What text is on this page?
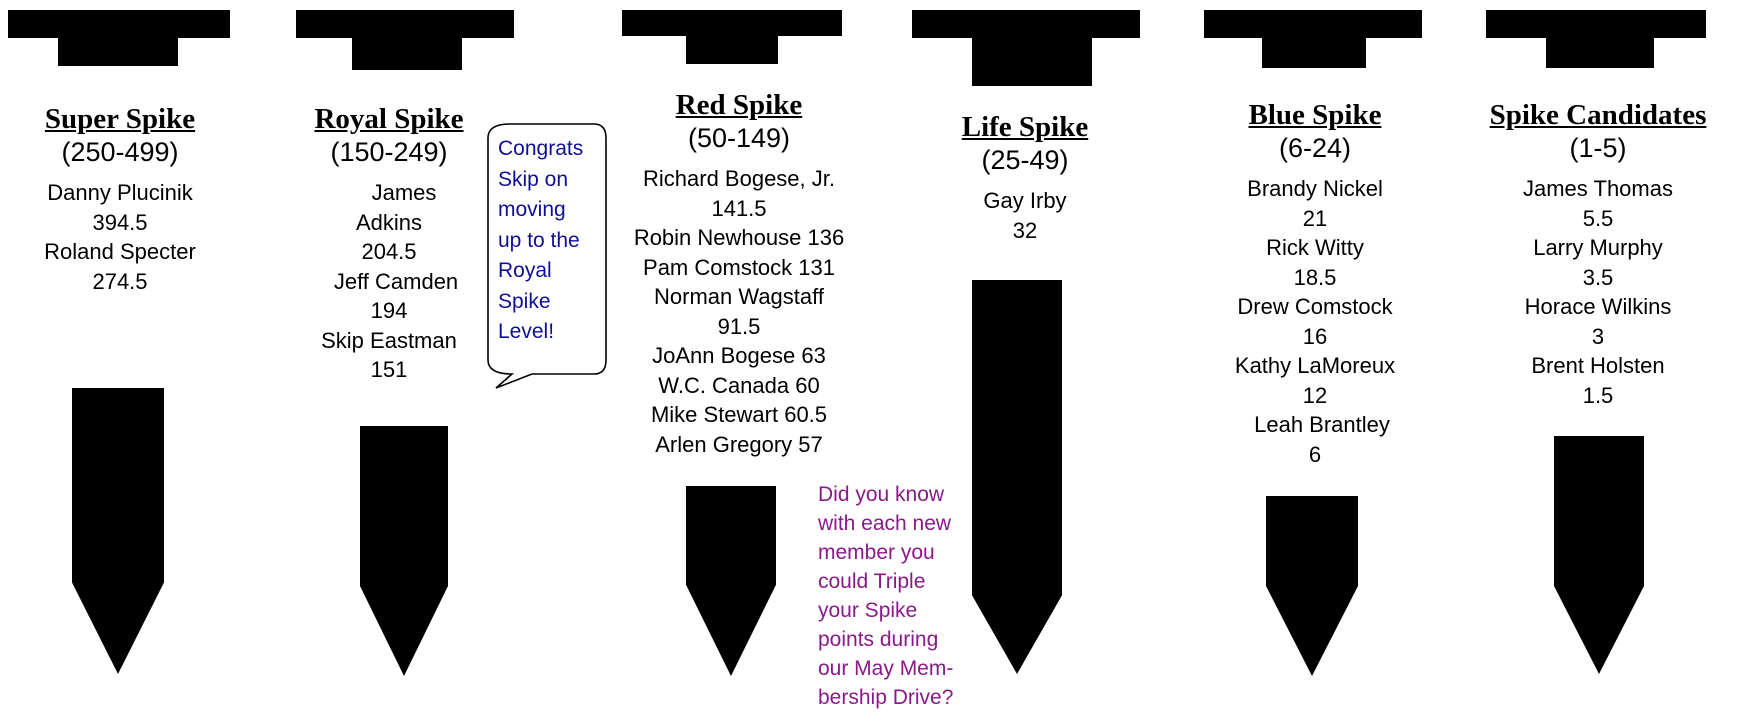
Super Spike
(250-499)
Danny Plucinik
394.5
Roland Specter
274.5
Royal Spike
(150-249)
James
Adkins
204.5
Jeff Camden
194
Skip Eastman
151
Red Spike
(50-149)
Richard Bogese, Jr.
141.5
Robin Newhouse 136
Pam Comstock 131
Norman Wagstaff
91.5
JoAnn Bogese 63
W.C. Canada 60
Mike Stewart 60.5
Arlen Gregory 57
Life Spike
(25-49)
Gay Irby
32
Blue Spike
(6-24)
Brandy Nickel
21
Rick Witty
18.5
Drew Comstock
16
Kathy LaMoreux
12
Leah Brantley
6
Spike Candidates
(1-5)
James Thomas
5.5
Larry Murphy
3.5
Horace Wilkins
3
Brent Holsten
1.5
Congrats
Skip on
moving
up to the
Royal
Spike
Level!
Did you know
with each new
member you
could Triple
your Spike
points during
our May Mem-
bership Drive?
